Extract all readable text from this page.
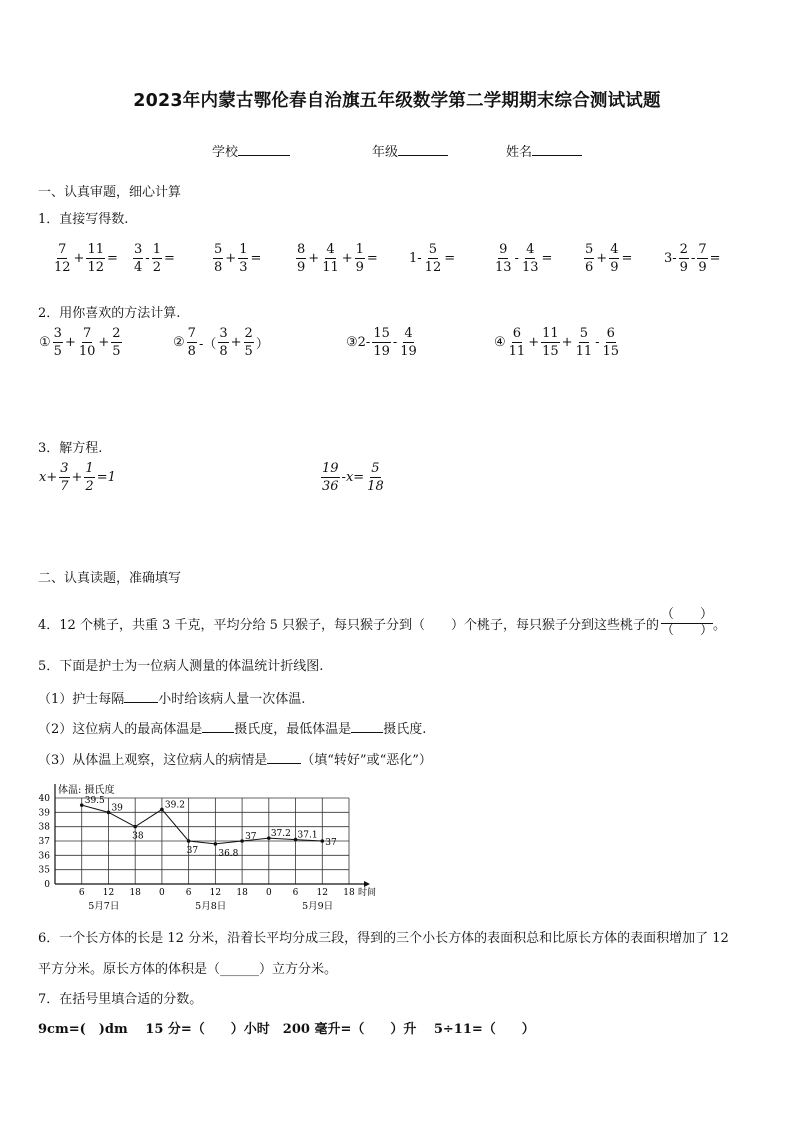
2023年内蒙古鄂伦春自治旗五年级数学第二学期期末综合测试试题
学校	年级	姓名
一、认真审题，细心计算
1．直接写得数.
$\frac{7}{12} + \frac{11}{12} = \frac{3}{4} - \frac{1}{2}$ =	$\frac{5}{8} + \frac{1}{3}$ =	$\frac{8}{9} + \frac{4}{11} + \frac{1}{9} = 1- \frac{5}{12}$ =	$\frac{9}{13} - \frac{4}{13} = \frac{5}{6} + \frac{4}{9} = 3- \frac{2}{9} - \frac{7}{9}$ =
2．用你喜欢的方法计算.
① $\frac{3}{5} + \frac{7}{10} + \frac{2}{5}$	② $\frac{7}{8}$ -（ $\frac{3}{8} + \frac{2}{5}$ ）	③2- $\frac{15}{19} - \frac{4}{19}$	④ $\frac{6}{11} + \frac{11}{15} + \frac{5}{11} - \frac{6}{15}$
3．解方程.
$x+ \frac{3}{7} + \frac{1}{2} =1$	$\frac{19}{36} -x= \frac{5}{18}$
二、认真读题，准确填写
4．12 个桃子，共重 3 千克，平均分给 5 只猴子，每只猴子分到（　　）个桃子，每只猴子分到这些桃子的 $\frac{( )}{( )}$ 。
5．下面是护士为一位病人测量的体温统计折线图.
（1）护士每隔	小时给该病人量一次体温.
（2）这位病人的最高体温是 摄氏度，最低体温是 摄氏度.
（3）从体温上观察，这位病人的病情是	（填“转好”或“恶化”）
体温: 摄氏度
时间
40
39
38
37
36
35
0
6 12 18 0 6 12 18 0 6 12 18
5月7日	5月8日	5月9日
39.5
39
38
39.2
37 36.8
37 37.2 37.1
37
6．一个长方体的长是 12 分米，沿着长平均分成三段，得到的三个小长方体的表面积总和比原长方体的表面积增加了 12
平方分米。原长方体的体积是（______）立方分米。
7．在括号里填合适的分数。
9cm=(　)dm　 15 分=（　　）小时　200 毫升=（　　）升　 5÷11=（　　）
